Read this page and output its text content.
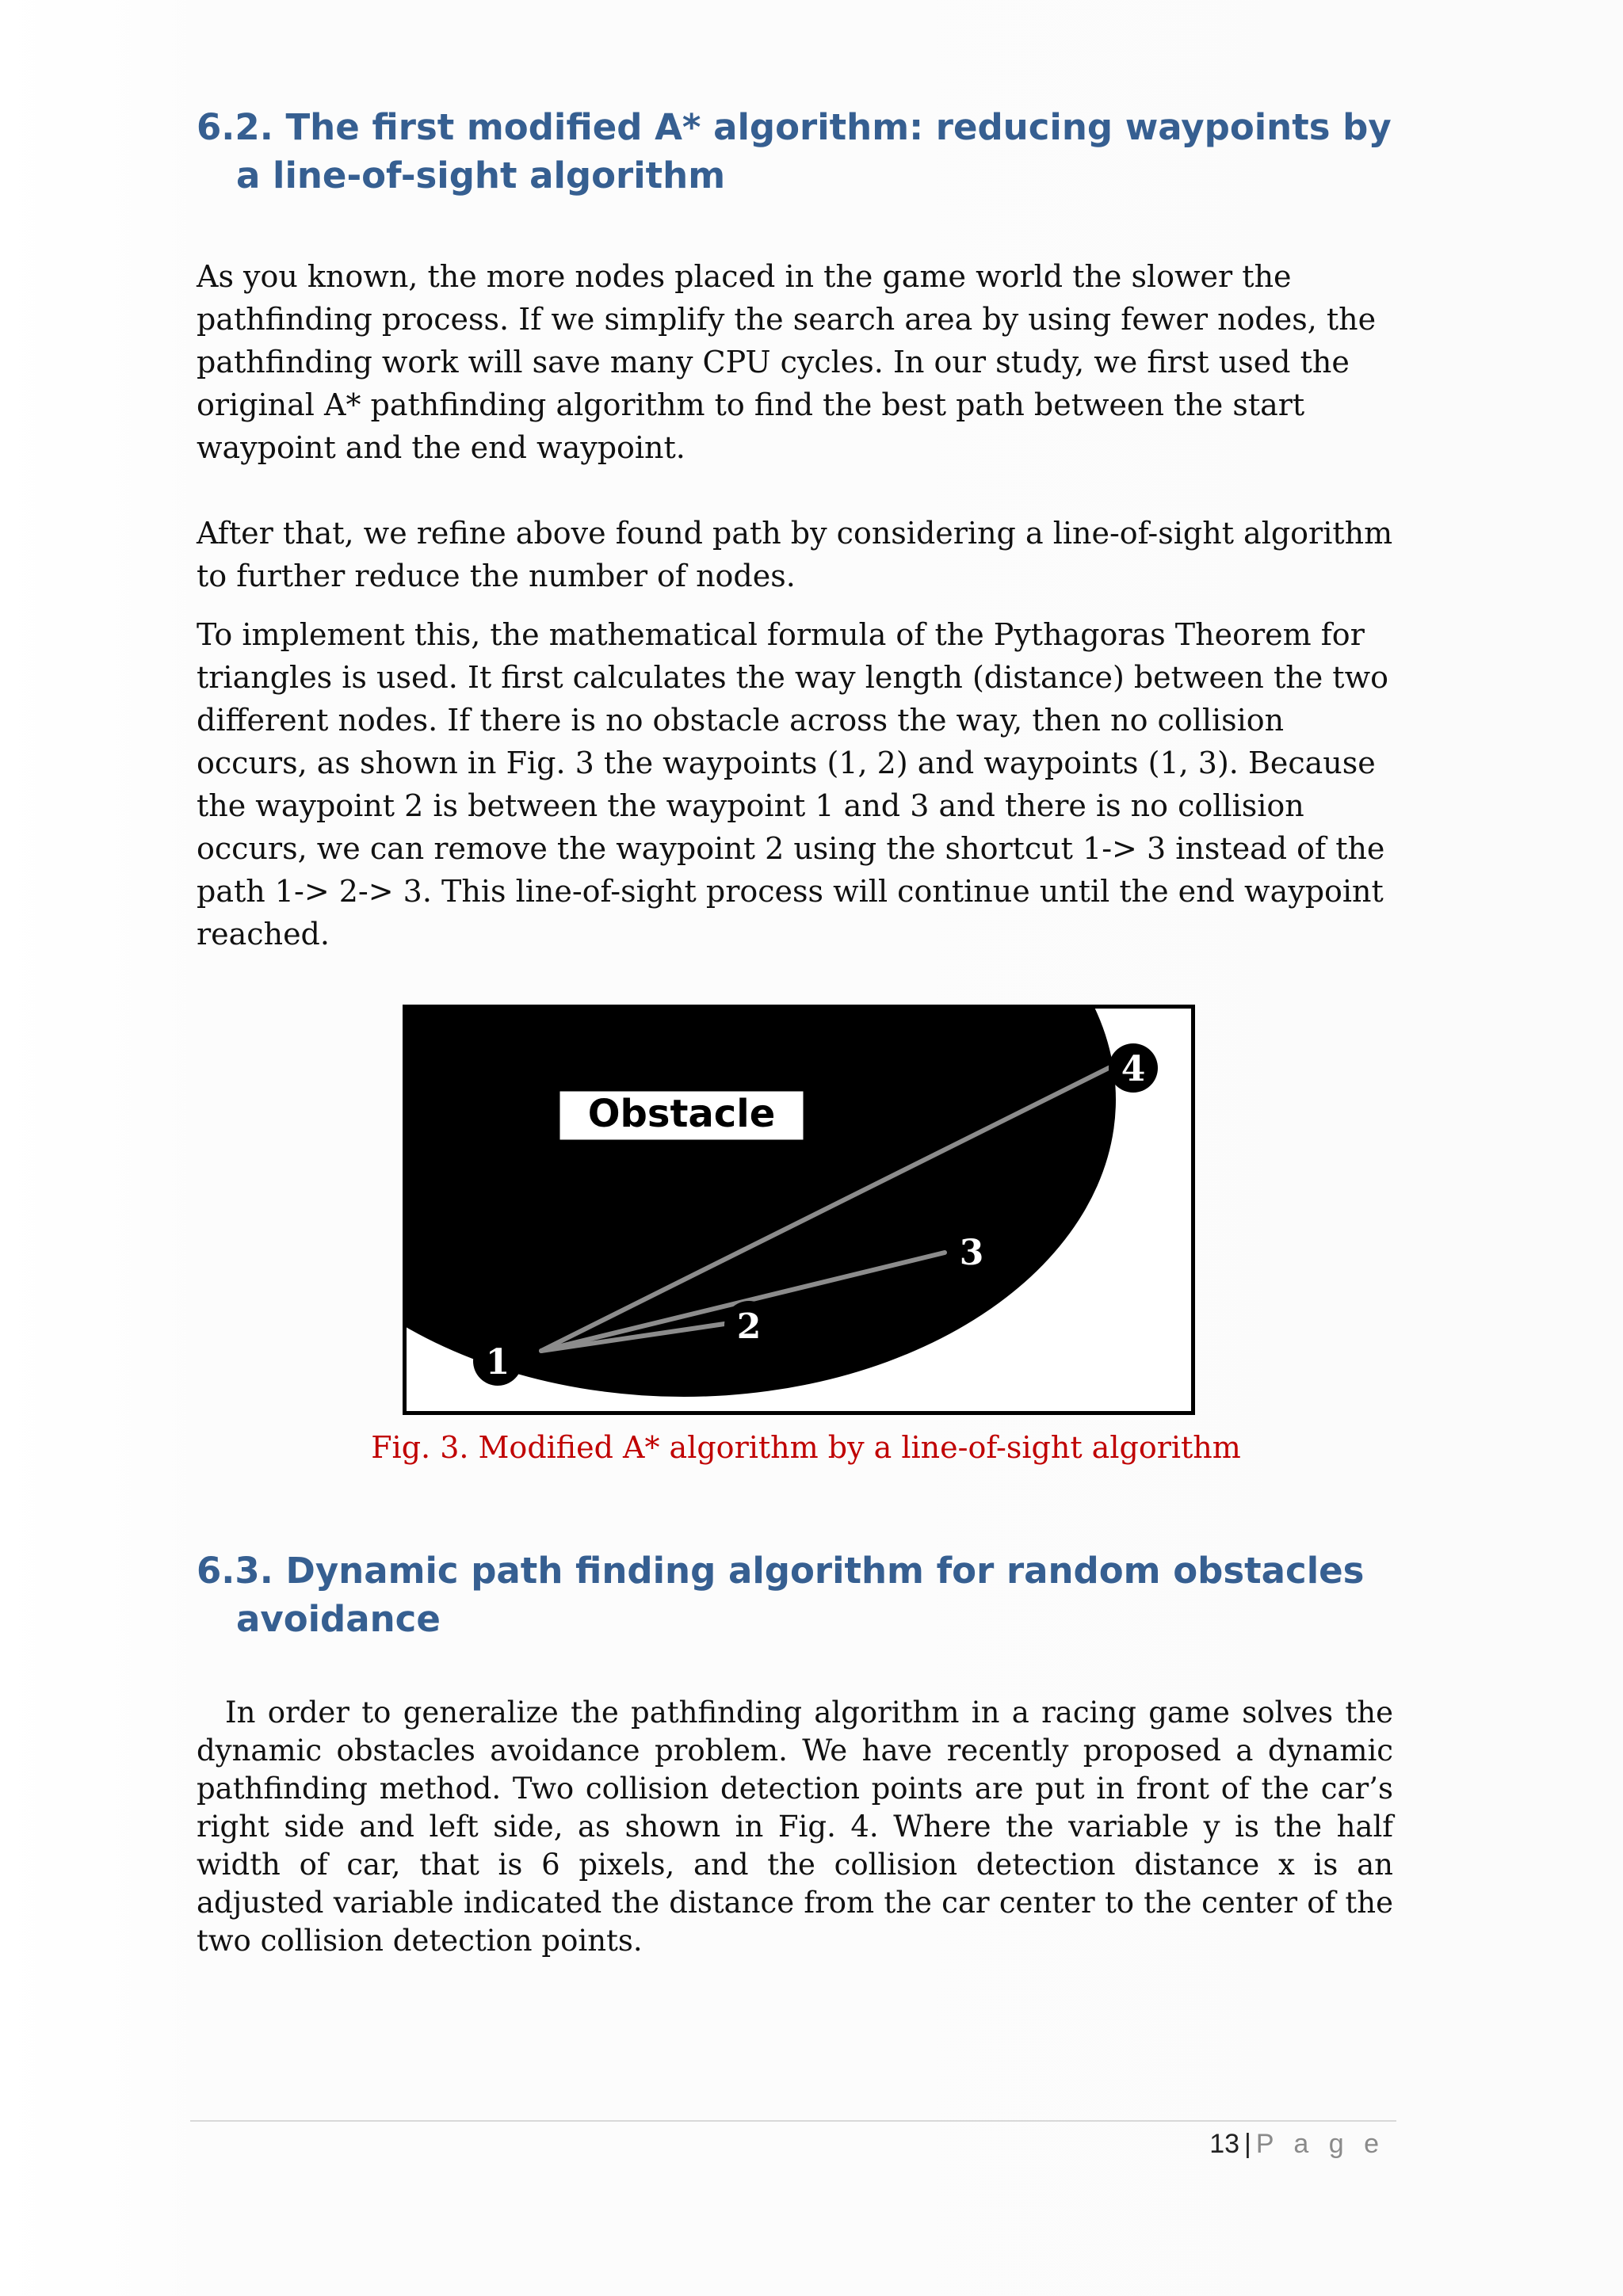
6.2. The first modified A* algorithm: reducing waypoints by a line-of-sight algorithm

As you known, the more nodes placed in the game world the slower the pathfinding process. If we simplify the search area by using fewer nodes, the pathfinding work will save many CPU cycles. In our study, we first used the original A* pathfinding algorithm to find the best path between the start waypoint and the end waypoint.

After that, we refine above found path by considering a line-of-sight algorithm to further reduce the number of nodes.

To implement this, the mathematical formula of the Pythagoras Theorem for triangles is used. It first calculates the way length (distance) between the two different nodes. If there is no obstacle across the way, then no collision occurs, as shown in Fig. 3 the waypoints (1, 2) and waypoints (1, 3). Because the waypoint 2 is between the waypoint 1 and 3 and there is no collision occurs, we can remove the waypoint 2 using the shortcut 1-> 3 instead of the path 1-> 2-> 3. This line-of-sight process will continue until the end waypoint reached.

Obstacle
1
2
3
4
Fig. 3. Modified A* algorithm by a line-of-sight algorithm
6.3. Dynamic path finding algorithm for random obstacles avoidance

In order to generalize the pathfinding algorithm in a racing game solves the dynamic obstacles avoidance problem. We have recently proposed a dynamic pathfinding method. Two collision detection points are put in front of the car’s right side and left side, as shown in Fig. 4. Where the variable y is the half width of car, that is 6 pixels, and the collision detection distance x is an adjusted variable indicated the distance from the car center to the center of the two collision detection points.

13 | P a g e
